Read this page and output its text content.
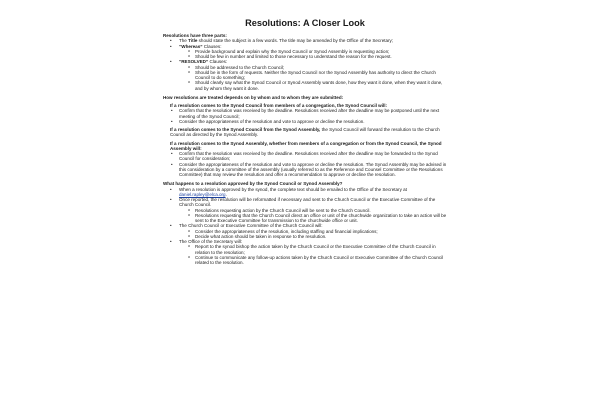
Resolutions: A Closer Look
Resolutions have three parts:
• The Title should state the subject in a few words. The title may be amended by the Office of the Secretary;
• “Whereas” Clauses:
o Provide background and explain why the Synod Council or Synod Assembly is requesting action;
o Should be few in number and limited to those necessary to understand the reason for the request.
• “RESOLVED” Clauses:
o Should be addressed to the Church Council;
o Should be in the form of requests. Neither the Synod Council nor the Synod Assembly has authority to direct the Church Council to do something;
o Should clearly say what the Synod Council or Synod Assembly wants done, how they want it done, when they want it done, and by whom they want it done.
How resolutions are treated depends on by whom and to whom they are submitted:
If a resolution comes to the Synod Council from members of a congregation, the Synod Council will:
• Confirm that the resolution was received by the deadline. Resolutions received after the deadline may be postponed until the next meeting of the Synod Council;
• Consider the appropriateness of the resolution and vote to approve or decline the resolution.
If a resolution comes to the Synod Council from the Synod Assembly, the Synod Council will forward the resolution to the Church Council as directed by the Synod Assembly.
If a resolution comes to the Synod Assembly, whether from members of a congregation or from the Synod Council, the Synod Assembly will:
• Confirm that the resolution was received by the deadline. Resolutions received after the deadline may be forwarded to the Synod Council for consideration;
• Consider the appropriateness of the resolution and vote to approve or decline the resolution. The Synod Assembly may be advised in this consideration by a committee of the assembly (usually referred to as the Reference and Counsel Committee or the Resolutions Committee) that may review the resolution and offer a recommendation to approve or decline the resolution.
What happens to a resolution approved by the Synod Council or Synod Assembly?
• When a resolution is approved by the synod, the complete text should be emailed to the Office of the Secretary at daniel.rapley@elca.org.
• Once reported, the resolution will be reformatted if necessary and sent to the Church Council or the Executive Committee of the Church Council.
o Resolutions requesting action by the Church Council will be sent to the Church Council.
o Resolutions requesting that the Church Council direct an office or unit of the churchwide organization to take an action will be sent to the Executive Committee for transmission to the churchwide office or unit.
• The Church Council or Executive Committee of the Church Council will:
o Consider the appropriateness of the resolution, including staffing and financial implications;
o Decide what action should be taken in response to the resolution.
• The Office of the Secretary will:
o Report to the synod bishop the action taken by the Church Council or the Executive Committee of the Church Council in relation to the resolution;
o Continue to communicate any follow-up actions taken by the Church Council or Executive Committee of the Church Council related to the resolution.
